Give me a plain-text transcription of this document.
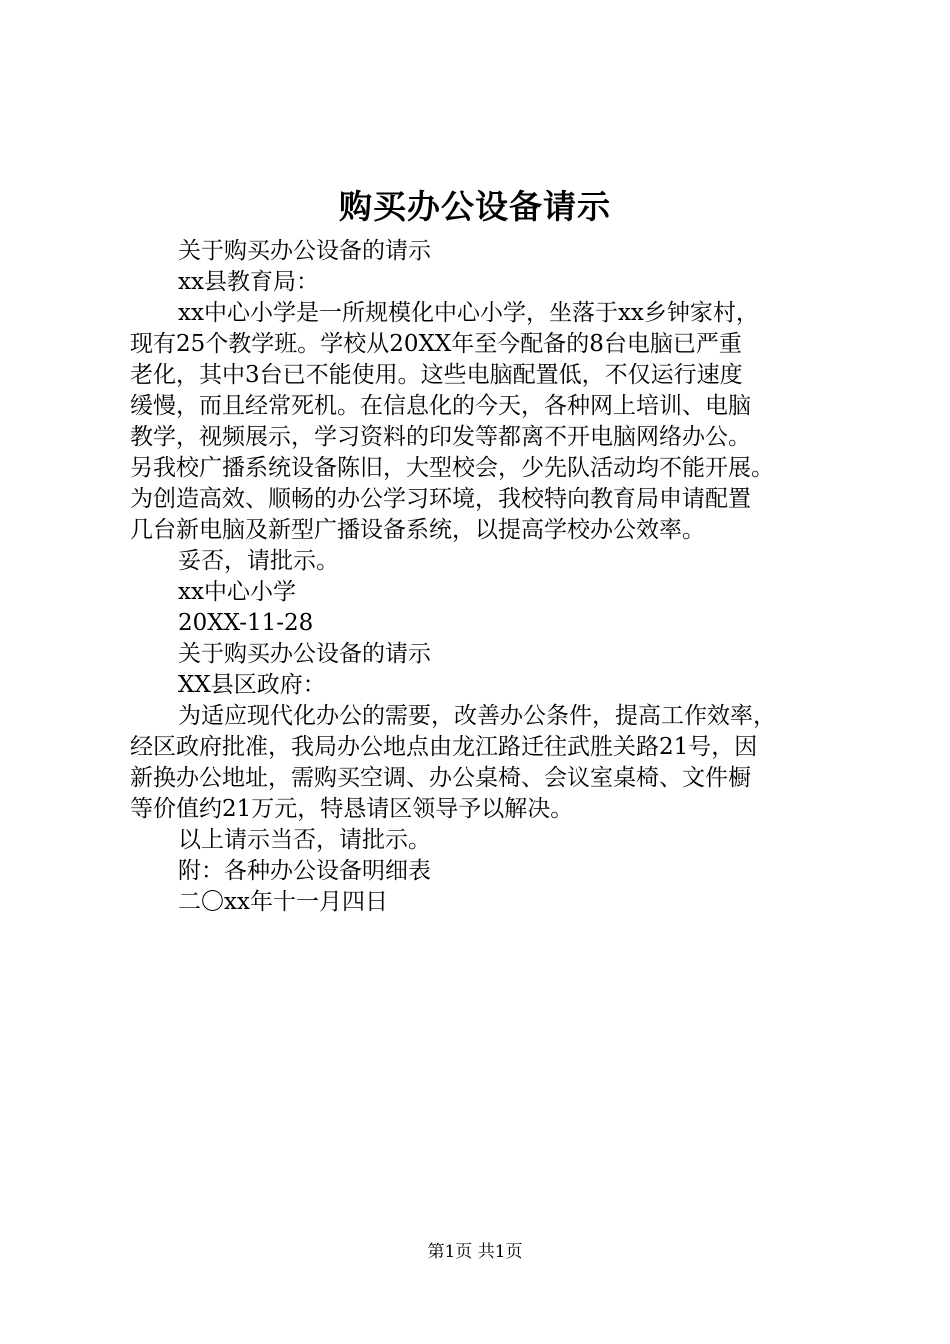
购买办公设备请示
关于购买办公设备的请示
xx县教育局：
xx中心小学是一所规模化中心小学，坐落于xx乡钟家村，
现有25个教学班。学校从20XX年至今配备的8台电脑已严重
老化，其中3台已不能使用。这些电脑配置低，不仅运行速度
缓慢，而且经常死机。在信息化的今天，各种网上培训、电脑
教学，视频展示，学习资料的印发等都离不开电脑网络办公。
另我校广播系统设备陈旧，大型校会，少先队活动均不能开展。
为创造高效、顺畅的办公学习环境，我校特向教育局申请配置
几台新电脑及新型广播设备系统，以提高学校办公效率。
妥否，请批示。
xx中心小学
20XX-11-28
关于购买办公设备的请示
XX县区政府：
为适应现代化办公的需要，改善办公条件，提高工作效率，
经区政府批准，我局办公地点由龙江路迁往武胜关路21号，因
新换办公地址，需购买空调、办公桌椅、会议室桌椅、文件橱
等价值约21万元，特恳请区领导予以解决。
以上请示当否，请批示。
附：各种办公设备明细表
二〇xx年十一月四日
第1页 共1页
